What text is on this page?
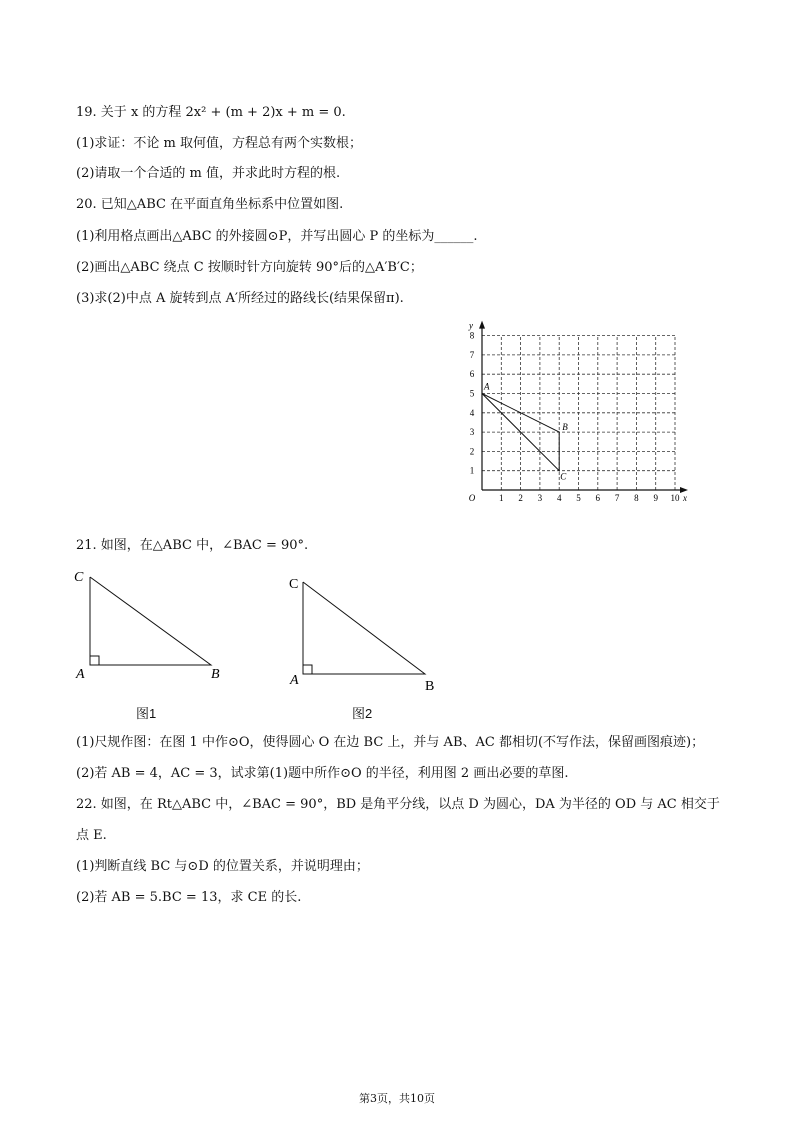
19. 关于 x 的方程 2x² + (m + 2)x + m = 0.
(1)求证：不论 m 取何值，方程总有两个实数根；
(2)请取一个合适的 m 值，并求此时方程的根.
20. 已知△ABC 在平面直角坐标系中位置如图.
(1)利用格点画出△ABC 的外接圆⊙P，并写出圆心 P 的坐标为______.
(2)画出△ABC 绕点 C 按顺时针方向旋转 90°后的△A′B′C；
(3)求(2)中点 A 旋转到点 A′所经过的路线长(结果保留π).
1 2 3 4 5 6 7 8 9 10
1
2
3
4
5
6
7
8
x
y
O
A
B
C
21. 如图，在△ABC 中，∠BAC = 90°.
C
A	B
图1
C
A	B
图2
(1)尺规作图：在图 1 中作⊙O，使得圆心 O 在边 BC 上，并与 AB、AC 都相切(不写作法，保留画图痕迹)；
(2)若 AB = 4，AC = 3，试求第(1)题中所作⊙O 的半径，利用图 2 画出必要的草图.
22. 如图，在 Rt△ABC 中，∠BAC = 90°，BD 是角平分线，以点 D 为圆心，DA 为半径的 OD 与 AC 相交于
点 E.
(1)判断直线 BC 与⊙D 的位置关系，并说明理由；
(2)若 AB = 5.BC = 13，求 CE 的长.
第3页，共10页
